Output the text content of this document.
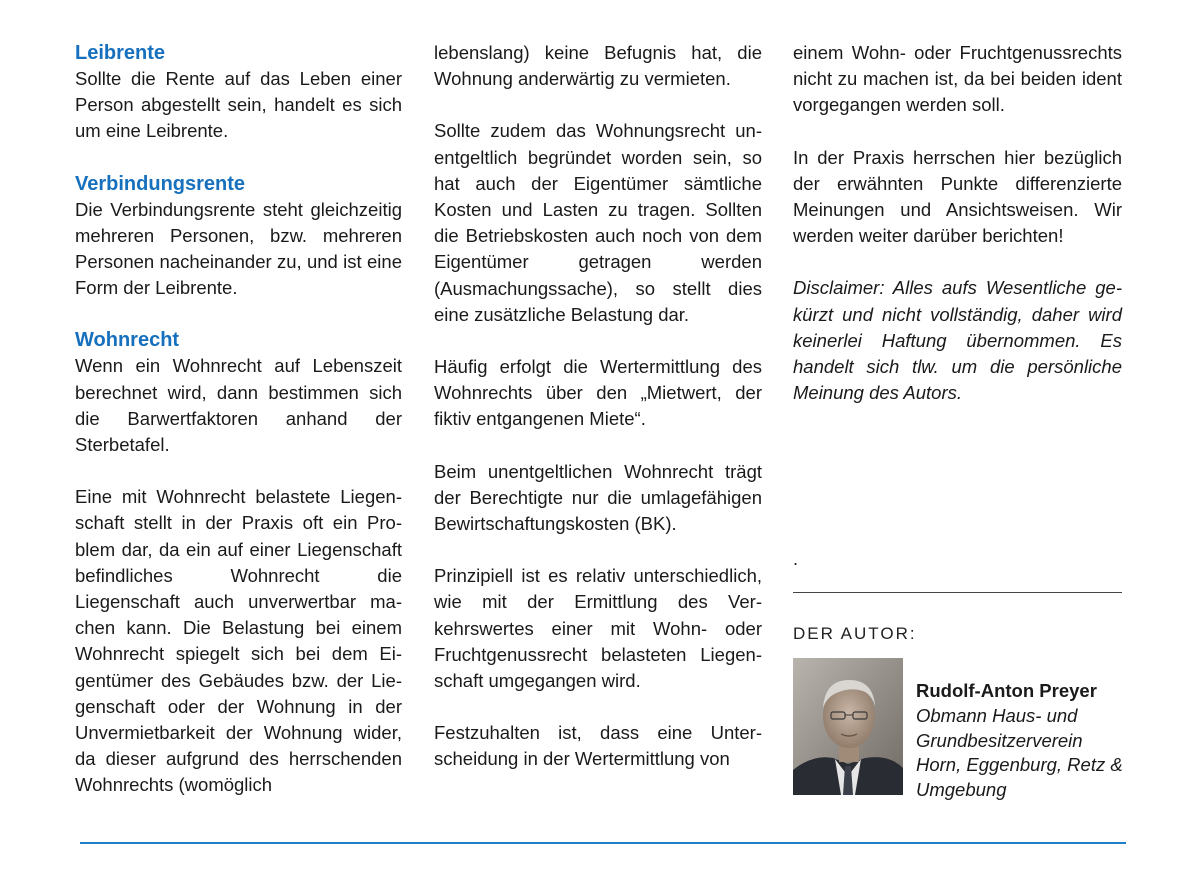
Leibrente

Sollte die Rente auf das Leben einer Person abgestellt sein, handelt es sich um eine Leibrente.

Verbindungsrente

Die Verbindungsrente steht gleichzeitig mehreren Personen, bzw. mehreren Personen nacheinander zu, und ist eine Form der Leibrente.

Wohnrecht

Wenn ein Wohnrecht auf Lebenszeit berechnet wird, dann bestimmen sich die Barwertfaktoren anhand der Sterbetafel.

Eine mit Wohnrecht belastete Liegenschaft stellt in der Praxis oft ein Problem dar, da ein auf einer Liegenschaft befindliches Wohnrecht die Liegenschaft auch unverwertbar machen kann. Die Belastung bei einem Wohnrecht spiegelt sich bei dem Eigentümer des Gebäudes bzw. der Liegenschaft oder der Wohnung in der Unvermietbarkeit der Wohnung wider, da dieser aufgrund des herrschenden Wohnrechts (womöglich

lebenslang) keine Befugnis hat, die Wohnung anderwärtig zu vermieten.

Sollte zudem das Wohnungsrecht unentgeltlich begründet worden sein, so hat auch der Eigentümer sämtliche Kosten und Lasten zu tragen. Sollten die Betriebskosten auch noch von dem Eigentümer getragen werden (Ausmachungssache), so stellt dies eine zusätzliche Belastung dar.

Häufig erfolgt die Wertermittlung des Wohnrechts über den „Mietwert, der fiktiv entgangenen Miete“.

Beim unentgeltlichen Wohnrecht trägt der Berechtigte nur die umlagefähigen Bewirtschaftungskosten (BK).

Prinzipiell ist es relativ unterschiedlich, wie mit der Ermittlung des Verkehrswertes einer mit Wohn- oder Fruchtgenussrecht belasteten Liegenschaft umgegangen wird.

Festzuhalten ist, dass eine Unterscheidung in der Wertermittlung von

einem Wohn- oder Fruchtgenussrechts nicht zu machen ist, da bei beiden ident vorgegangen werden soll.

In der Praxis herrschen hier bezüglich der erwähnten Punkte differenzierte Meinungen und Ansichtsweisen. Wir werden weiter darüber berichten!

Disclaimer: Alles aufs Wesentliche gekürzt und nicht vollständig, daher wird keinerlei Haftung übernommen. Es handelt sich tlw. um die persönliche Meinung des Autors.

.

DER AUTOR:
Rudolf-Anton Preyer

Obmann Haus- und Grundbesitzerverein Horn, Eggenburg, Retz & Umgebung
